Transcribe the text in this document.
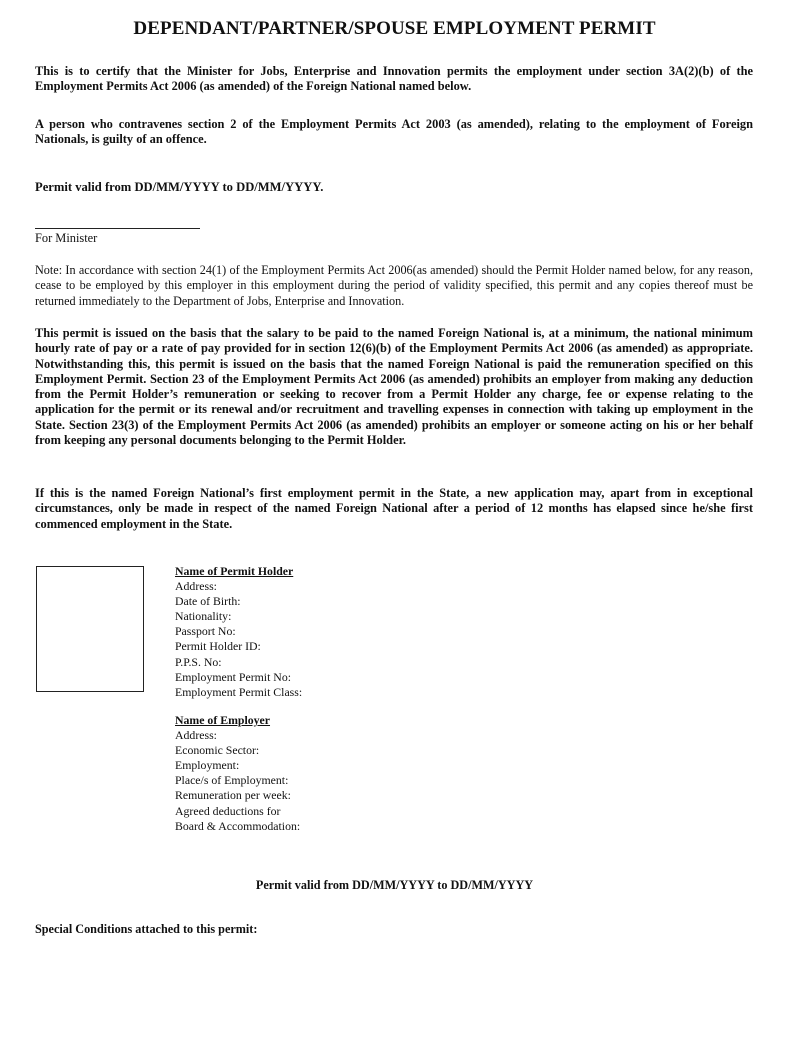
DEPENDANT/PARTNER/SPOUSE EMPLOYMENT PERMIT
This is to certify that the Minister for Jobs, Enterprise and Innovation permits the employment under section 3A(2)(b) of the Employment Permits Act 2006 (as amended) of the Foreign National named below.
A person who contravenes section 2 of the Employment Permits Act 2003 (as amended), relating to the employment of Foreign Nationals, is guilty of an offence.
Permit valid from DD/MM/YYYY to DD/MM/YYYY.
For Minister
Note: In accordance with section 24(1) of the Employment Permits Act 2006(as amended) should the Permit Holder named below, for any reason, cease to be employed by this employer in this employment during the period of validity specified, this permit and any copies thereof must be returned immediately to the Department of Jobs, Enterprise and Innovation.
This permit is issued on the basis that the salary to be paid to the named Foreign National is, at a minimum, the national minimum hourly rate of pay or a rate of pay provided for in section 12(6)(b) of the Employment Permits Act 2006 (as amended) as appropriate. Notwithstanding this, this permit is issued on the basis that the named Foreign National is paid the remuneration specified on this Employment Permit. Section 23 of the Employment Permits Act 2006 (as amended) prohibits an employer from making any deduction from the Permit Holder’s remuneration or seeking to recover from a Permit Holder any charge, fee or expense relating to the application for the permit or its renewal and/or recruitment and travelling expenses in connection with taking up employment in the State. Section 23(3) of the Employment Permits Act 2006 (as amended) prohibits an employer or someone acting on his or her behalf from keeping any personal documents belonging to the Permit Holder.
If this is the named Foreign National’s first employment permit in the State, a new application may, apart from in exceptional circumstances, only be made in respect of the named Foreign National after a period of 12 months has elapsed since he/she first commenced employment in the State.
Name of Permit Holder
Address:
Date of Birth:
Nationality:
Passport No:
Permit Holder ID:
P.P.S. No:
Employment Permit No:
Employment Permit Class:
Name of Employer
Address:
Economic Sector:
Employment:
Place/s of Employment:
Remuneration per week:
Agreed deductions for
Board & Accommodation:
Permit valid from DD/MM/YYYY to DD/MM/YYYY
Special Conditions attached to this permit:
